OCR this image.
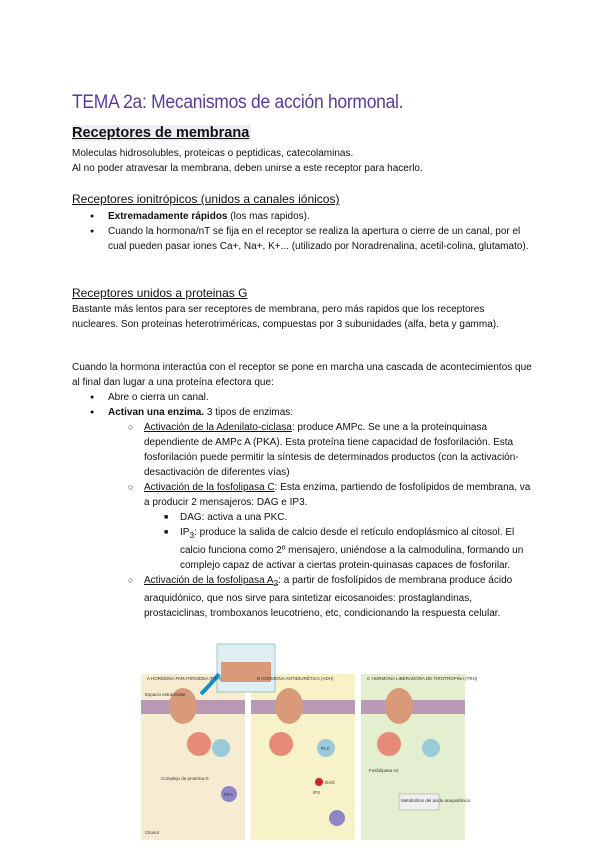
TEMA 2a: Mecanismos de acción hormonal.
Receptores de membrana
Moleculas hidrosolubles, proteicas o peptidicas, catecolaminas.
Al no poder atravesar la membrana, deben unirse a este receptor para hacerlo.
Receptores ionitrópicos (unidos a canales iónicos)
● Extremadamente rápidos (los mas rapidos).
● Cuando la hormona/nT se fija en el receptor se realiza la apertura o cierre de un canal, por el cual pueden pasar iones Ca+, Na+, K+... (utilizado por Noradrenalina, acetil-colina, glutamato).
Receptores unidos a proteinas G
Bastante más lentos para ser receptores de membrana, pero más rapidos que los receptores nucleares. Son proteinas heterotriméricas, compuestas por 3 subunidades (alfa, beta y gamma).
Cuando la hormona interactúa con el receptor se pone en marcha una cascada de acontecimientos que al final dan lugar a una proteína efectora que:
● Abre o cierra un canal.
● Activan una enzima. 3 tipos de enzimas:
○ Activación de la Adenilato-ciclasa: produce AMPc. Se une a la proteinquinasa dependiente de AMPc A (PKA). Esta proteína tiene capacidad de fosforilación. Esta fosforilación puede permitir la síntesis de determinados productos (con la activación-desactivación de diferentes vías)
○ Activación de la fosfolipasa C: Esta enzima, partiendo de fosfolípidos de membrana, va a producir 2 mensajeros: DAG e IP3.
■ DAG: activa a una PKC.
■ $IP_3$: produce la salida de calcio desde el retículo endoplásmico al citosol. El calcio funciona como 2º mensajero, uniéndose a la calmodulina, formando un complejo capaz de activar a ciertas protein-quinasas capaces de fosforilar.
○ Activación de la fosfolipasa $A_2$: a partir de fosfolípidos de membrana produce ácido araquidónico, que nos sirve para sintetizar eicosanoides: prostaglandinas, prostaciclinas, tromboxanos leucotrieno, etc, condicionando la respuesta celular.
A HORMONA PARATIROIDEA (PTH)	B HORMONA ANTIDIURÉTICA (ADH)	C HORMONA LIBERADORA DE TIROTROPINA (TRH)
Espacio extracelular
Complejo de proteína G
Citosol
PKA
PLC
DAG
IP3
Fosfolipasa A2
Metabolitos del ácido araquidónico
